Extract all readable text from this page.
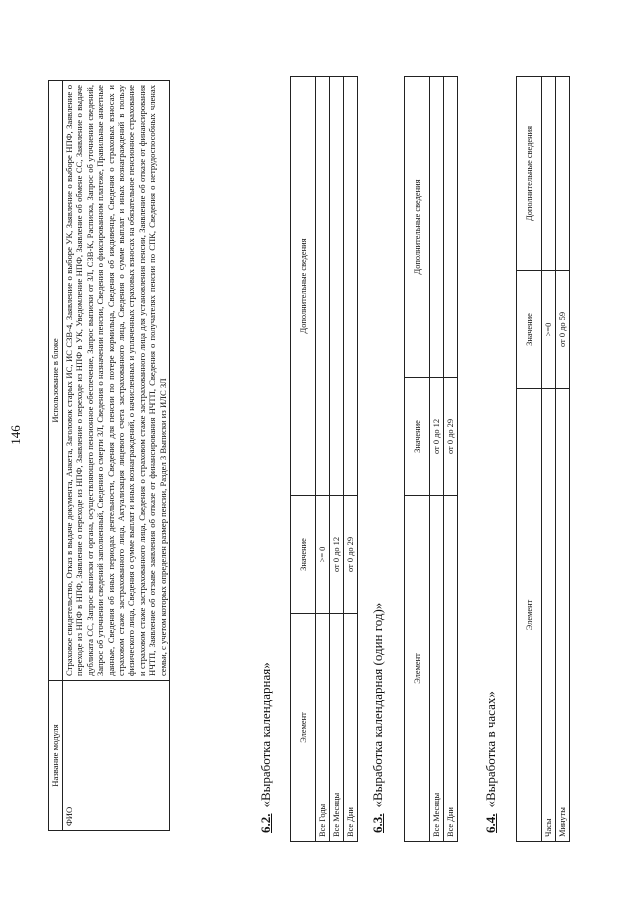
146
Название модуля	Использование в блоке
ФИО	Страховое свидетельство, Отказ в выдаче документа, Анкета, Заголовок старых ИС, ИС СЗВ-4, Заявление о выборе УК, Заявление о выборе НПФ, Заявление о переходе из НПФ в НПФ, Заявление о переходе из НПФ, Заявление о переходе из НПФ в УК, Уведомление НПФ, Заявление об обмене СС, Заявление о выдаче дубликата СС, Запрос выписки от органа, осуществляющего пенсионное обеспечение, Запрос выписки от ЗЛ, СЗВ-К, Расписка, Запрос об уточнении сведений, Запрос об уточнении сведений заполненный, Сведения о смерти ЗЛ, Сведения о назначении пенсии, Сведения о фиксированном платеже, Правильные анкетные данные, Сведения об иных периодах деятельности, Сведения для пенсии по потере кормильца, Сведения об иждивенце, Сведения о страховых взносах и страховом стаже застрахованного лица, Актуализация лицевого счета застрахованного лица, Сведения о сумме выплат и иных вознаграждений в пользу физического лица, Сведения о сумме выплат и иных вознаграждений, о начисленных и уплаченных страховых взносах на обязательное пенсионное страхование и страховом стаже застрахованного лица, Сведения о страховом стаже застрахованного лица для установления пенсии, Заявление об отказе от финансирования НЧТП, Заявление об отзыве заявления об отказе от финансирования НЧТП, Сведения о получателях пенсии по СПК, Сведения о нетрудоспособных членах семьи, с учетом которых определен размер пенсии, Раздел 3 Выписки из ИЛС ЗЛ
6.2.«Выработка календарная»	Элемент	Значение	Дополнительные сведения
Все Годы	>= 0	
Все Месяцы	от 0 до 12	
Все Дни	от 0 до 29	
6.3.«Выработка календарная (один год)»	Элемент	Значение	Дополнительные сведения
Все Месяцы	от 0 до 12	
Все Дни	от 0 до 29	
6.4.«Выработка в часах»
Элемент	Значение	Дополнительные сведения
Часы	>=0	
Минуты	от 0 до 59	
